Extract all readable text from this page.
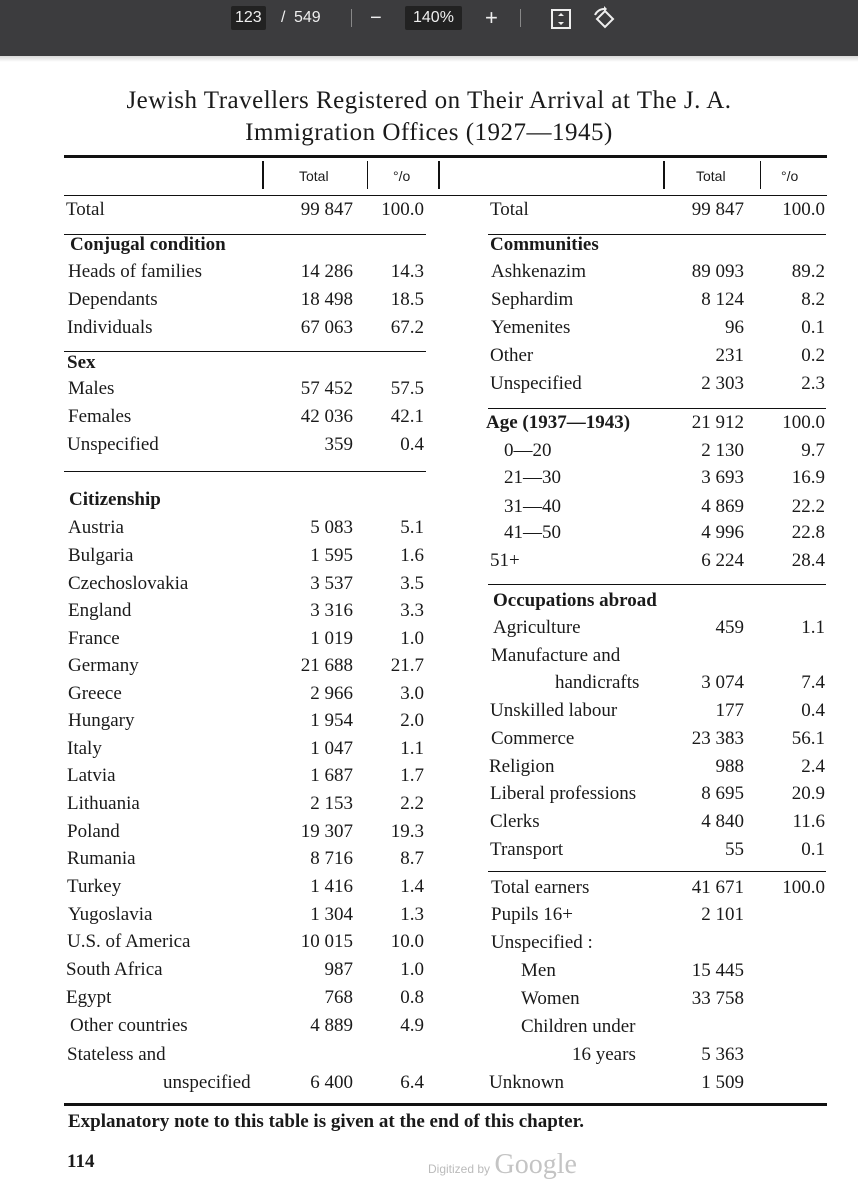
123 / 549 −	140%	+
Jewish Travellers Registered on Their Arrival at The J. A.
Immigration Offices (1927—1945)
Total	°/o	Total	°/o
Total	99 847	100.0
Conjugal condition
Heads of families	14 286	14.3
Dependants	18 498	18.5
Individuals	67 063	67.2
Sex
Males	57 452	57.5
Females	42 036	42.1
Unspecified	359	0.4
Citizenship
Austria	5 083	5.1
Bulgaria	1 595	1.6
Czechoslovakia	3 537	3.5
England	3 316	3.3
France	1 019	1.0
Germany	21 688	21.7
Greece	2 966	3.0
Hungary	1 954	2.0
Italy	1 047	1.1
Latvia	1 687	1.7
Lithuania	2 153	2.2
Poland	19 307	19.3
Rumania	8 716	8.7
Turkey	1 416	1.4
Yugoslavia	1 304	1.3
U.S. of America	10 015	10.0
South Africa	987	1.0
Egypt	768	0.8
Other countries	4 889	4.9
Stateless and
unspecified	6 400	6.4
Total	99 847	100.0
Communities
Ashkenazim	89 093	89.2
Sephardim	8 124	8.2
Yemenites	96	0.1
Other	231	0.2
Unspecified	2 303	2.3
Age (1937—1943)	21 912	100.0
0—20	2 130	9.7
21—30	3 693	16.9
31—40	4 869	22.2
41—50	4 996	22.8
51+	6 224	28.4
Occupations abroad
Agriculture	459	1.1
Manufacture and
handicrafts	3 074	7.4
Unskilled labour	177	0.4
Commerce	23 383	56.1
Religion	988	2.4
Liberal professions	8 695	20.9
Clerks	4 840	11.6
Transport	55	0.1
Total earners	41 671	100.0
Pupils 16+	2 101
Unspecified :
Men	15 445
Women	33 758
Children under
16 years	5 363
Unknown	1 509
Explanatory note to this table is given at the end of this chapter.
114	Digitized by Google
